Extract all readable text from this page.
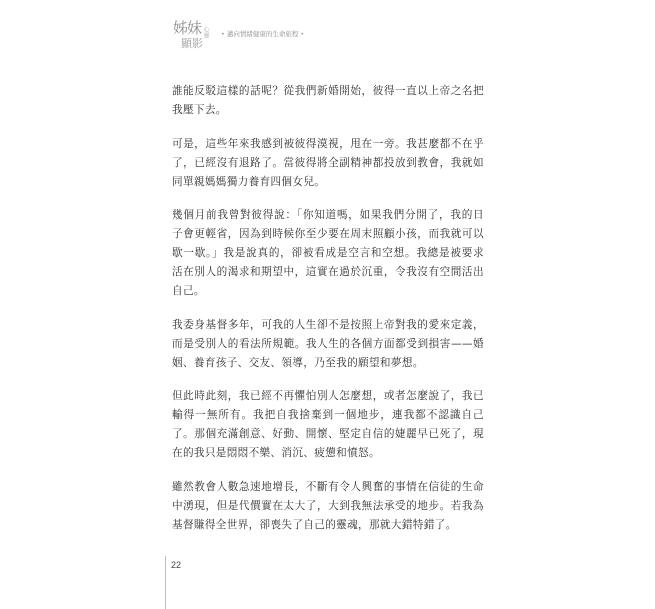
姊妹 心靈
顯影
• 邁向情緒健康的生命旅程 •

誰能反駁這樣的話呢？從我們新婚開始，彼得一直以上帝之名把我壓下去。

可是，這些年來我感到被彼得漠視，甩在一旁。我甚麼都不在乎了，已經沒有退路了。當彼得將全副精神都投放到教會，我就如同單親媽媽獨力養育四個女兒。

幾個月前我曾對彼得說：「你知道嗎，如果我們分開了，我的日子會更輕省，因為到時候你至少要在周末照顧小孩，而我就可以歇一歇。」我是說真的，卻被看成是空言和空想。我總是被要求活在別人的渴求和期望中，這實在過於沉重，令我沒有空間活出自己。

我委身基督多年，可我的人生卻不是按照上帝對我的愛來定義，而是受別人的看法所規範。我人生的各個方面都受到損害——婚姻、養育孩子、交友、領導，乃至我的願望和夢想。

但此時此刻，我已經不再懼怕別人怎麼想，或者怎麼說了，我已輸得一無所有。我把自我捨棄到一個地步，連我都不認識自己了。那個充滿創意、好動、開懷、堅定自信的婕麗早已死了，現在的我只是悶悶不樂、消沉、疲憊和憤怒。

雖然教會人數急速地增長，不斷有令人興奮的事情在信徒的生命中湧現，但是代價實在太大了，大到我無法承受的地步。若我為基督賺得全世界，卻喪失了自己的靈魂，那就大錯特錯了。

22
